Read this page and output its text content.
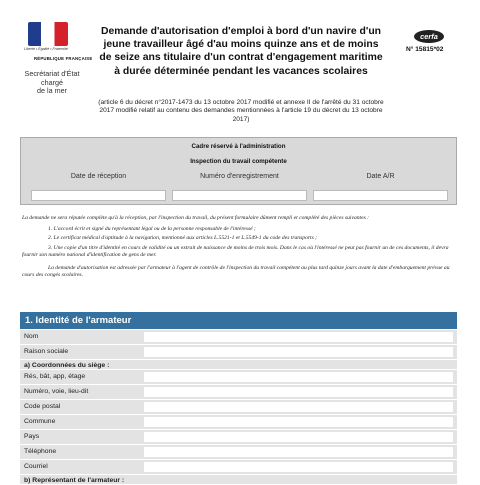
Liberté • Égalité • Fraternité
RÉPUBLIQUE FRANÇAISE
Secrétariat d'État
chargé
de la mer
Demande d'autorisation d'emploi à bord d'un navire d'un jeune travailleur âgé d'au moins quinze ans et de moins de seize ans titulaire d'un contrat d'engagement maritime à durée déterminée pendant les vacances scolaires
(article 6 du décret n°2017-1473 du 13 octobre 2017 modifié et annexe II de l'arrêté du 31 octobre 2017 modifié relatif au contenu des demandes mentionnées à l'article 19 du décret du 13 octobre 2017)
cerfa
N° 15815*02
Cadre réservé à l'administration
Inspection du travail compétente
Date de réception	Numéro d'enregistrement	Date A/R

La demande ne sera réputée complète qu'à la réception, par l'inspection du travail, du présent formulaire dûment rempli et complété des pièces suivantes :

1. L'accord écrit et signé du représentant légal ou de la personne responsable de l'intéressé ;

2. Le certificat médical d'aptitude à la navigation, mentionné aux articles L.5521-1 et L.5549-1 du code des transports ;

3. Une copie d'un titre d'identité en cours de validité ou un extrait de naissance de moins de trois mois. Dans le cas où l'intéressé ne peut pas fournir un de ces documents, il devra fournir son numéro national d'identification de gens de mer.

La demande d'autorisation est adressée par l'armateur à l'agent de contrôle de l'inspection du travail compétent au plus tard quinze jours avant la date d'embarquement prévue au cours des congés scolaires.

1. Identité de l'armateur
Nom
Raison sociale
a) Coordonnées du siège :
Rés, bât, app, étage
Numéro, voie, lieu-dit
Code postal
Commune
Pays
Téléphone
Courriel
b) Représentant de l'armateur :
